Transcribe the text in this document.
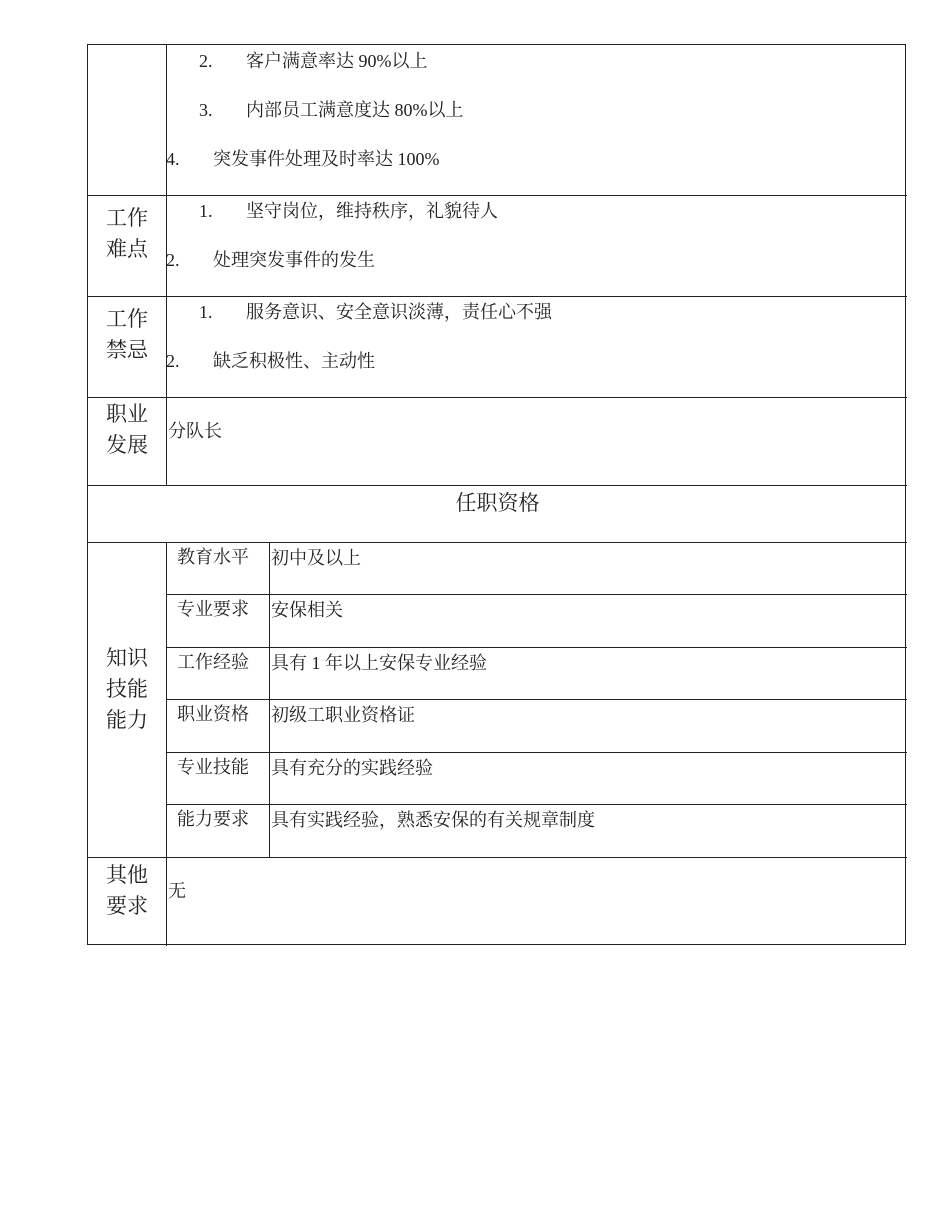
2. 客户满意率达 90%以上
3. 内部员工满意度达 80%以上
4. 突发事件处理及时率达 100%
工作
难点
1. 坚守岗位，维持秩序，礼貌待人
2. 处理突发事件的发生
工作
禁忌
1. 服务意识、安全意识淡薄，责任心不强
2. 缺乏积极性、主动性
职业
发展
分队长
任职资格
知识
技能
能力
教育水平 初中及以上
专业要求 安保相关
工作经验 具有 1 年以上安保专业经验
职业资格 初级工职业资格证
专业技能 具有充分的实践经验
能力要求 具有实践经验，熟悉安保的有关规章制度
其他
要求
无
